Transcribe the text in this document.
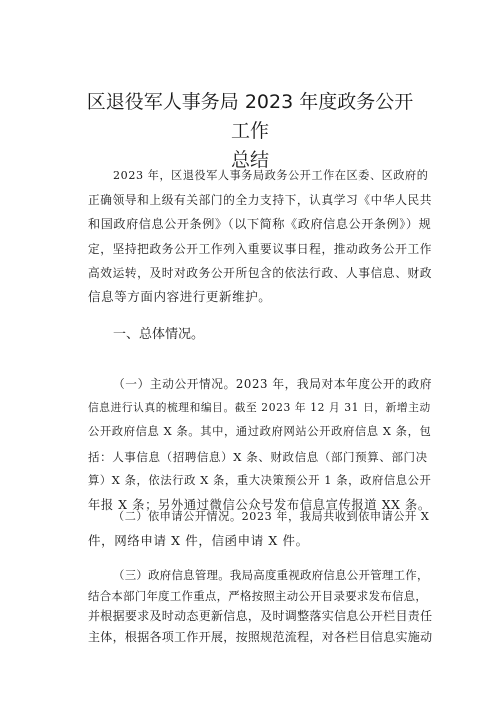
区退役军人事务局 2023 年度政务公开工作
总结
2023 年，区退役军人事务局政务公开工作在区委、区政府的
正确领导和上级有关部门的全力支持下，认真学习《中华人民共
和国政府信息公开条例》（以下简称《政府信息公开条例》）规
定，坚持把政务公开工作列入重要议事日程，推动政务公开工作
高效运转，及时对政务公开所包含的依法行政、人事信息、财政
信息等方面内容进行更新维护。
一、总体情况。
（一）主动公开情况。2023 年，我局对本年度公开的政府
信息进行认真的梳理和编目。截至 2023 年 12 月 31 日，新增主动
公开政府信息 X 条。其中，通过政府网站公开政府信息 X 条，包
括：人事信息（招聘信息）X 条、财政信息（部门预算、部门决
算）X 条，依法行政 X 条，重大决策预公开 1 条，政府信息公开
年报 X 条；另外通过微信公众号发布信息宣传报道 XX 条。
（二）依申请公开情况。2023 年，我局共收到依申请公开 X
件，网络申请 X 件，信函申请 X 件。
（三）政府信息管理。我局高度重视政府信息公开管理工作，
结合本部门年度工作重点，严格按照主动公开目录要求发布信息，
并根据要求及时动态更新信息，及时调整落实信息公开栏目责任
主体，根据各项工作开展，按照规范流程，对各栏目信息实施动
